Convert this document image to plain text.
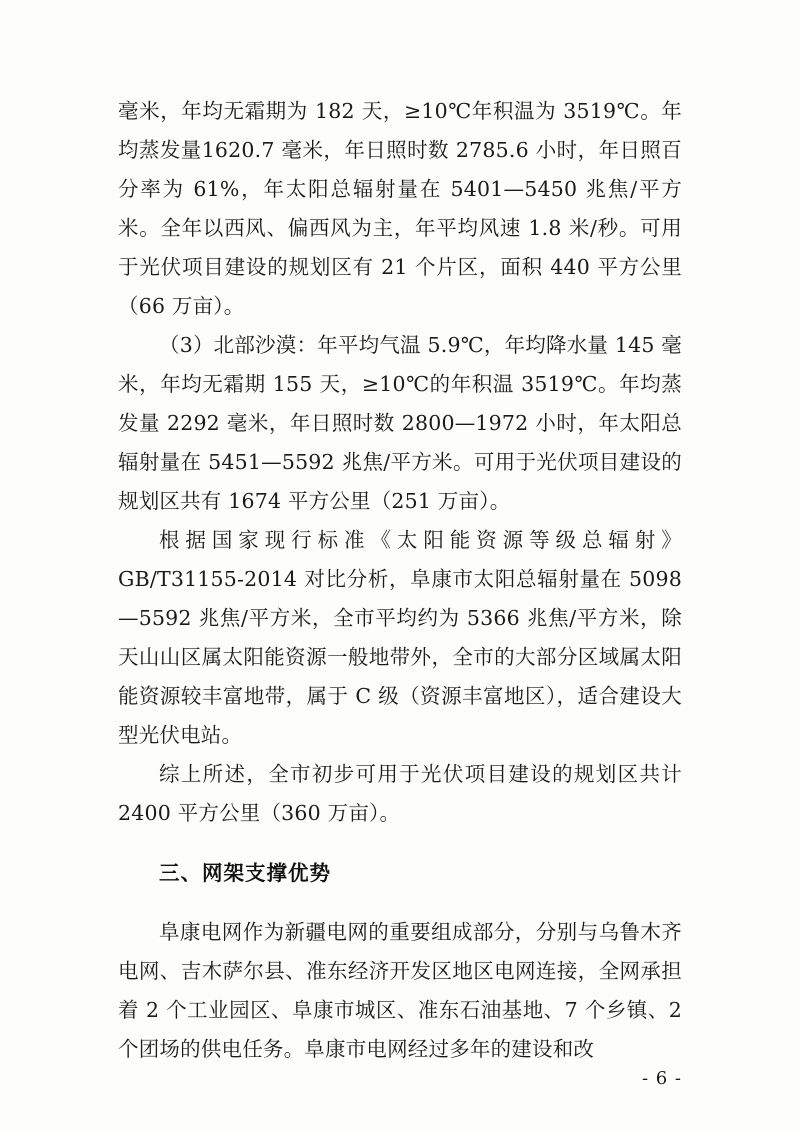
毫米，年均无霜期为 182 天，≥10℃年积温为 3519℃。年均蒸发量1620.7 毫米，年日照时数 2785.6 小时，年日照百分率为 61%，年太阳总辐射量在 5401—5450 兆焦/平方米。全年以西风、偏西风为主，年平均风速 1.8 米/秒。可用于光伏项目建设的规划区有 21 个片区，面积 440 平方公里（66 万亩）。

（3）北部沙漠：年平均气温 5.9℃，年均降水量 145 毫米，年均无霜期 155 天，≥10℃的年积温 3519℃。年均蒸发量 2292 毫米，年日照时数 2800—1972 小时，年太阳总辐射量在 5451—5592 兆焦/平方米。可用于光伏项目建设的规划区共有 1674 平方公里（251 万亩）。

根据国家现行标准《太阳能资源等级总辐射》GB/T31155-2014 对比分析，阜康市太阳总辐射量在 5098—5592 兆焦/平方米，全市平均约为 5366 兆焦/平方米，除天山山区属太阳能资源一般地带外，全市的大部分区域属太阳能资源较丰富地带，属于 C 级（资源丰富地区），适合建设大型光伏电站。

综上所述，全市初步可用于光伏项目建设的规划区共计2400 平方公里（360 万亩）。

三、网架支撑优势

阜康电网作为新疆电网的重要组成部分，分别与乌鲁木齐电网、吉木萨尔县、准东经济开发区地区电网连接，全网承担着 2 个工业园区、阜康市城区、准东石油基地、7 个乡镇、2 个团场的供电任务。阜康市电网经过多年的建设和改

- 6 -
